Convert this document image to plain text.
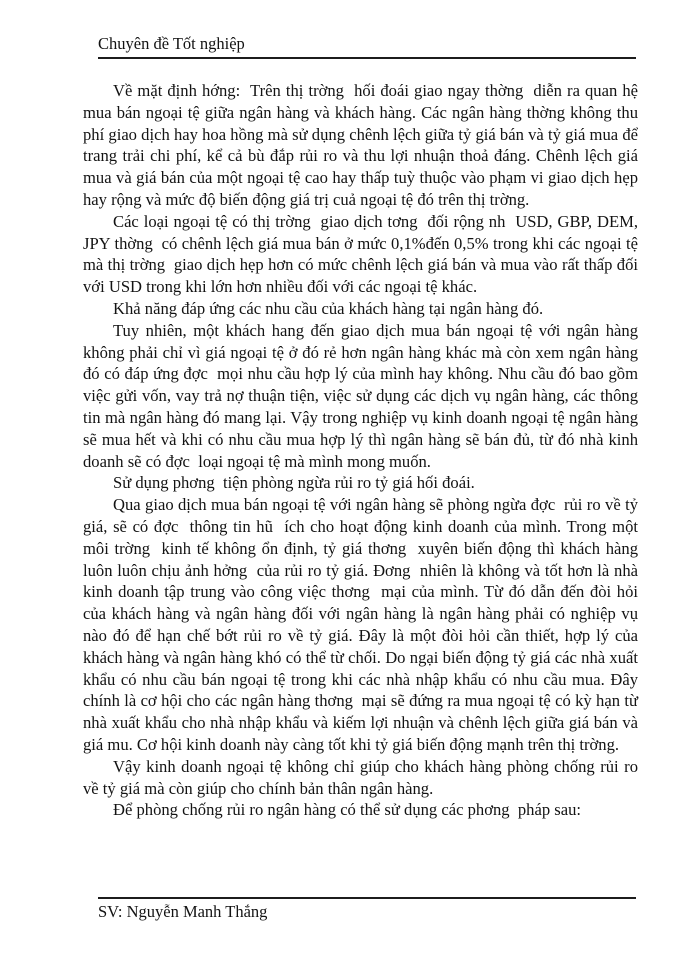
Chuyên đề Tốt nghiệp

Về mặt định hớng:  Trên thị trờng  hối đoái giao ngay thờng  diễn ra quan hệ mua bán ngoại tệ giữa ngân hàng và khách hàng. Các ngân hàng thờng không thu phí giao dịch hay hoa hồng mà sử dụng chênh lệch giữa tỷ giá bán và tỷ giá mua để trang trải chi phí, kể cả bù đắp rủi ro và thu lợi nhuận thoả đáng. Chênh lệch giá mua và giá bán của một ngoại tệ cao hay thấp tuỳ thuộc vào phạm vi giao dịch hẹp hay rộng và mức độ biến động giá trị cuả ngoại tệ đó trên thị trờng.

Các loại ngoại tệ có thị trờng  giao dịch tơng  đối rộng nh  USD, GBP, DEM, JPY thờng  có chênh lệch giá mua bán ở mức 0,1%đến 0,5% trong khi các ngoại tệ mà thị trờng  giao dịch hẹp hơn có mức chênh lệch giá bán và mua vào rất thấp đối với USD trong khi lớn hơn nhiều đối với các ngoại tệ khác.

Khả năng đáp ứng các nhu cầu của khách hàng tại ngân hàng đó.

Tuy nhiên, một khách hang đến giao dịch mua bán ngoại tệ với ngân hàng không phải chỉ vì giá ngoại tệ ở đó rẻ hơn ngân hàng khác mà còn xem ngân hàng đó có đáp ứng đợc  mọi nhu cầu hợp lý của mình hay không. Nhu cầu đó bao gồm việc gửi vốn, vay trả nợ thuận tiện, việc sử dụng các dịch vụ ngân hàng, các thông tin mà ngân hàng đó mang lại. Vậy trong nghiệp vụ kinh doanh ngoại tệ ngân hàng sẽ mua hết và khi có nhu cầu mua hợp lý thì ngân hàng sẽ bán đủ, từ đó nhà kinh doanh sẽ có đợc  loại ngoại tệ mà mình mong muốn.

Sử dụng phơng  tiện phòng ngừa rủi ro tỷ giá hối đoái.

Qua giao dịch mua bán ngoại tệ với ngân hàng sẽ phòng ngừa đợc  rủi ro về tỷ giá, sẽ có đợc  thông tin hũ  ích cho hoạt động kinh doanh của mình. Trong một môi trờng  kinh tế không ổn định, tỷ giá thơng  xuyên biến động thì khách hàng luôn luôn chịu ảnh hởng  của rủi ro tỷ giá. Đơng  nhiên là không và tốt hơn là nhà kinh doanh tập trung vào công việc thơng  mại của mình. Từ đó dẫn đến đòi hỏi của khách hàng và ngân hàng đối với ngân hàng là ngân hàng phải có nghiệp vụ nào đó để hạn chế bớt rủi ro về tỷ giá. Đây là một đòi hỏi cần thiết, hợp lý của khách hàng và ngân hàng khó có thể từ chối. Do ngại biến động tỷ giá các nhà xuất khẩu có nhu cầu bán ngoại tệ trong khi các nhà nhập khẩu có nhu cầu mua. Đây chính là cơ hội cho các ngân hàng thơng  mại sẽ đứng ra mua ngoại tệ có kỳ hạn từ nhà xuất khẩu cho nhà nhập khẩu và kiếm lợi nhuận và chênh lệch giữa giá bán và giá mu. Cơ hội kinh doanh này càng tốt khi tỷ giá biến động mạnh trên thị trờng.

Vậy kinh doanh ngoại tệ không chỉ giúp cho khách hàng phòng chống rủi ro về tỷ giá mà còn giúp cho chính bản thân ngân hàng.

Để phòng chống rủi ro ngân hàng có thể sử dụng các phơng  pháp sau:

SV: Nguyễn Manh Thắng
